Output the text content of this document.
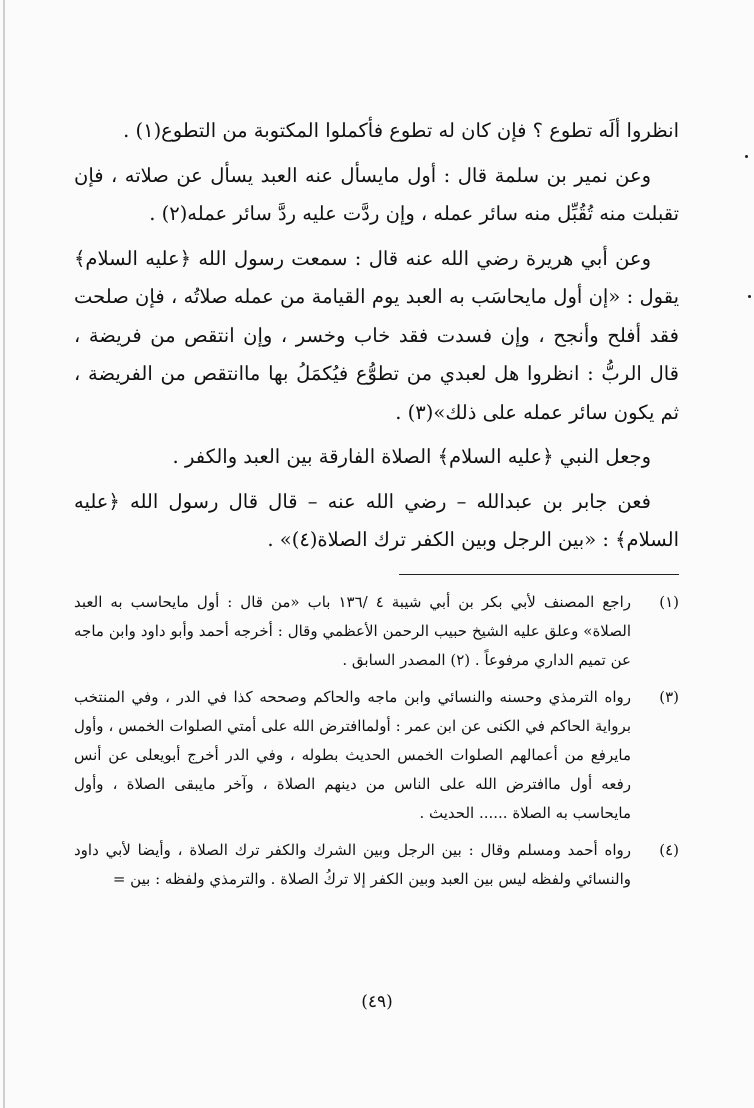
انظروا ألَه تطوع ؟ فإن كان له تطوع فأكملوا المكتوبة من التطوع(١) .

وعن نمير بن سلمة قال : أول مايسأل عنه العبد يسأل عن صلاته ، فإن تقبلت منه تُقُبِّل منه سائر عمله ، وإن ردَّت عليه ردَّ سائر عمله(٢) .

وعن أبي هريرة رضي الله عنه قال : سمعت رسول الله ﴿عليه السلام﴾ يقول : «إن أول مايحاسَب به العبد يوم القيامة من عمله صلاتُه ، فإن صلحت فقد أفلح وأنجح ، وإن فسدت فقد خاب وخسر ، وإن انتقص من فريضة ، قال الربُّ : انظروا هل لعبدي من تطوُّع فيُكمَلُ بها ماانتقص من الفريضة ، ثم يكون سائر عمله على ذلك»(٣) .

وجعل النبي ﴿عليه السلام﴾ الصلاة الفارقة بين العبد والكفر .

فعن جابر بن عبدالله – رضي الله عنه – قال قال رسول الله ﴿عليه السلام﴾ : «بين الرجل وبين الكفر ترك الصلاة(٤)» .

(١)
راجع المصنف لأبي بكر بن أبي شيبة ٤ /١٣٦ باب «من قال : أول مايحاسب به العبد الصلاة» وعلق عليه الشيخ حبيب الرحمن الأعظمي وقال : أخرجه أحمد وأبو داود وابن ماجه عن تميم الداري مرفوعاً . (٢) المصدر السابق .
(٣)
رواه الترمذي وحسنه والنسائي وابن ماجه والحاكم وصححه كذا في الدر ، وفي المنتخب برواية الحاكم في الكنى عن ابن عمر : أولماافترض الله على أمتي الصلوات الخمس ، وأول مايرفع من أعمالهم الصلوات الخمس الحديث بطوله ، وفي الدر أخرج أبويعلى عن أنس رفعه أول ماافترض الله على الناس من دينهم الصلاة ، وآخر مايبقى الصلاة ، وأول مايحاسب به الصلاة ...... الحديث .
(٤)
رواه أحمد ومسلم وقال : بين الرجل وبين الشرك والكفر ترك الصلاة ، وأيضا لأبي داود والنسائي ولفظه ليس بين العبد وبين الكفر إلا تركُ الصلاة . والترمذي ولفظه : بين =
(٤٩)
